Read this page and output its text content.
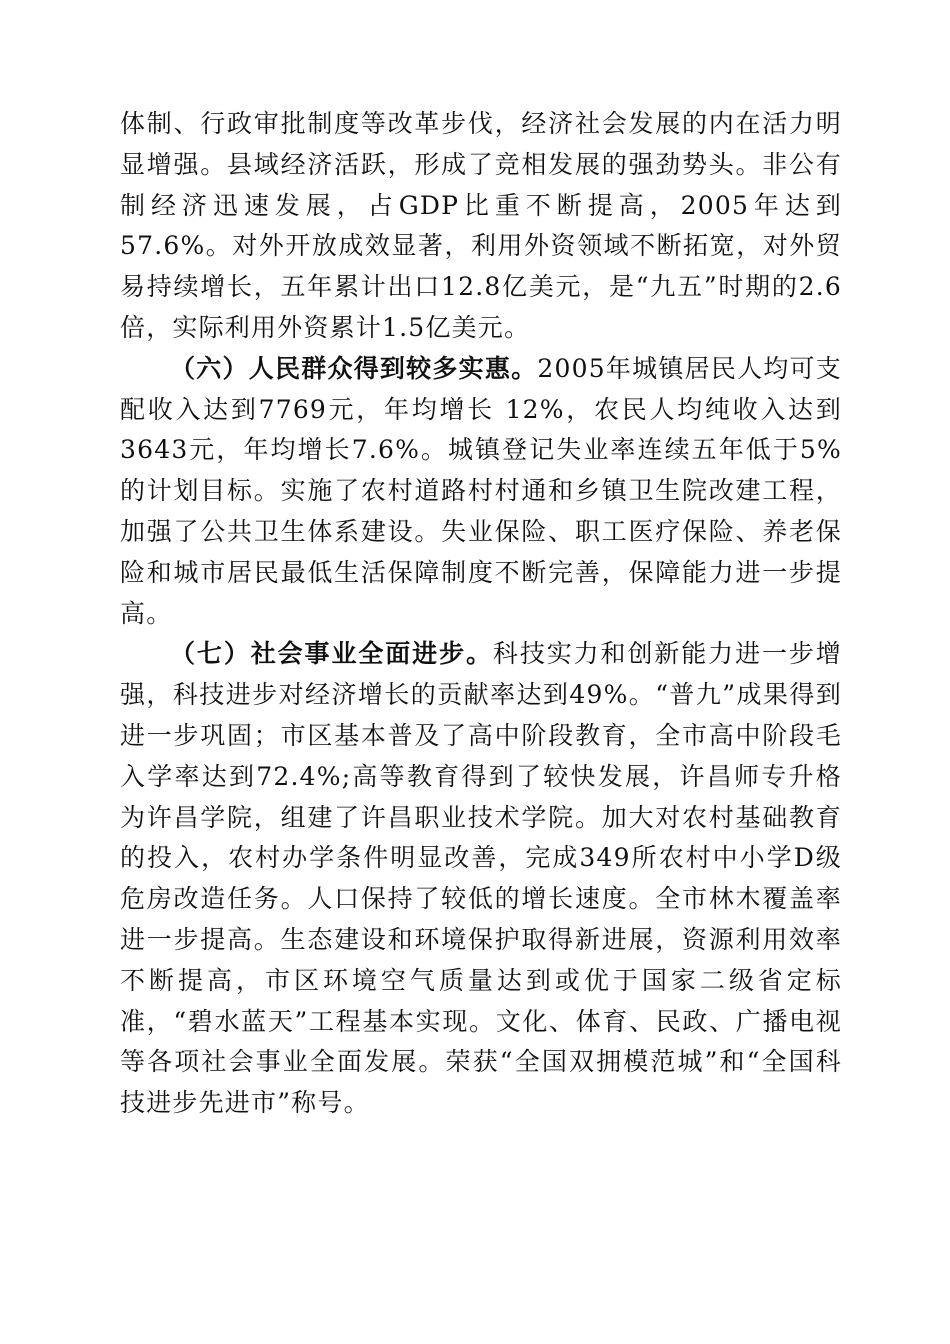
体制、行政审批制度等改革步伐，经济社会发展的内在活力明显增强。县域经济活跃，形成了竞相发展的强劲势头。非公有制经济迅速发展，占GDP比重不断提高，2005年达到57.6%。对外开放成效显著，利用外资领域不断拓宽，对外贸易持续增长，五年累计出口12.8亿美元，是“九五”时期的2.6倍，实际利用外资累计1.5亿美元。

（六）人民群众得到较多实惠。2005年城镇居民人均可支配收入达到7769元，年均增长 12%，农民人均纯收入达到3643元，年均增长7.6%。城镇登记失业率连续五年低于5%的计划目标。实施了农村道路村村通和乡镇卫生院改建工程，加强了公共卫生体系建设。失业保险、职工医疗保险、养老保险和城市居民最低生活保障制度不断完善，保障能力进一步提高。

（七）社会事业全面进步。科技实力和创新能力进一步增强，科技进步对经济增长的贡献率达到49%。“普九”成果得到进一步巩固；市区基本普及了高中阶段教育，全市高中阶段毛入学率达到72.4%;高等教育得到了较快发展，许昌师专升格为许昌学院，组建了许昌职业技术学院。加大对农村基础教育的投入，农村办学条件明显改善，完成349所农村中小学D级危房改造任务。人口保持了较低的增长速度。全市林木覆盖率进一步提高。生态建设和环境保护取得新进展，资源利用效率不断提高，市区环境空气质量达到或优于国家二级省定标准，“碧水蓝天”工程基本实现。文化、体育、民政、广播电视等各项社会事业全面发展。荣获“全国双拥模范城”和“全国科技进步先进市”称号。
